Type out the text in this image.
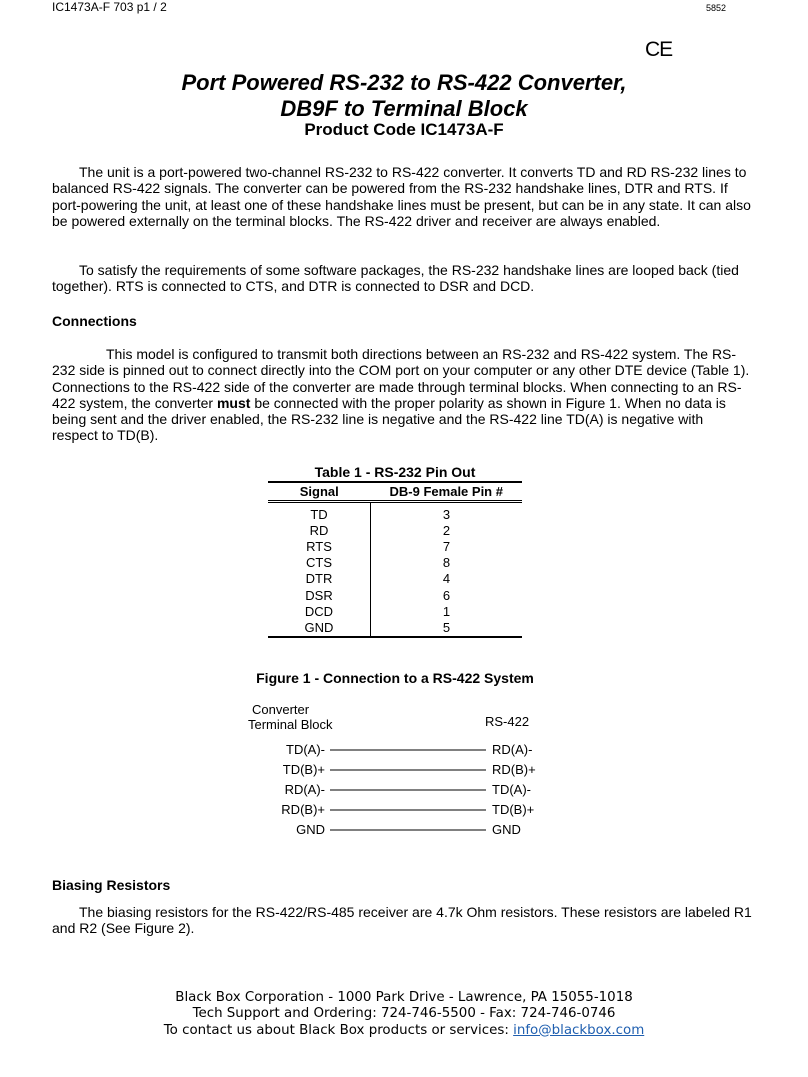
IC1473A-F 703 p1 / 2	5852
CE
Port Powered RS-232 to RS-422 Converter,
DB9F to Terminal Block
Product Code IC1473A-F

The unit is a port-powered two-channel RS-232 to RS-422 converter. It converts TD and RD RS-232 lines to balanced RS-422 signals. The converter can be powered from the RS-232 handshake lines, DTR and RTS. If port-powering the unit, at least one of these handshake lines must be present, but can be in any state. It can also be powered externally on the terminal blocks. The RS-422 driver and receiver are always enabled.

To satisfy the requirements of some software packages, the RS-232 handshake lines are looped back (tied together). RTS is connected to CTS, and DTR is connected to DSR and DCD.

Connections

This model is configured to transmit both directions between an RS-232 and RS-422 system. The RS-232 side is pinned out to connect directly into the COM port on your computer or any other DTE device (Table 1). Connections to the RS-422 side of the converter are made through terminal blocks. When connecting to an RS-422 system, the converter must be connected with the proper polarity as shown in Figure 1. When no data is being sent and the driver enabled, the RS-232 line is negative and the RS-422 line TD(A) is negative with respect to TD(B).

Table 1 - RS-232 Pin Out
Signal	DB-9 Female Pin #
TD	3
RD	2
RTS	7
CTS	8
DTR	4
DSR	6
DCD	1
GND	5
Figure 1 - Connection to a RS-422 System
Converter
Terminal Block	RS-422
TD(A)-	RD(A)-
TD(B)+	RD(B)+
RD(A)-	TD(A)-
RD(B)+	TD(B)+
GND	GND
Biasing Resistors

The biasing resistors for the RS-422/RS-485 receiver are 4.7k Ohm resistors. These resistors are labeled R1 and R2 (See Figure 2).

Black Box Corporation - 1000 Park Drive - Lawrence, PA 15055-1018
Tech Support and Ordering: 724-746-5500 - Fax: 724-746-0746
To contact us about Black Box products or services: info@blackbox.com
